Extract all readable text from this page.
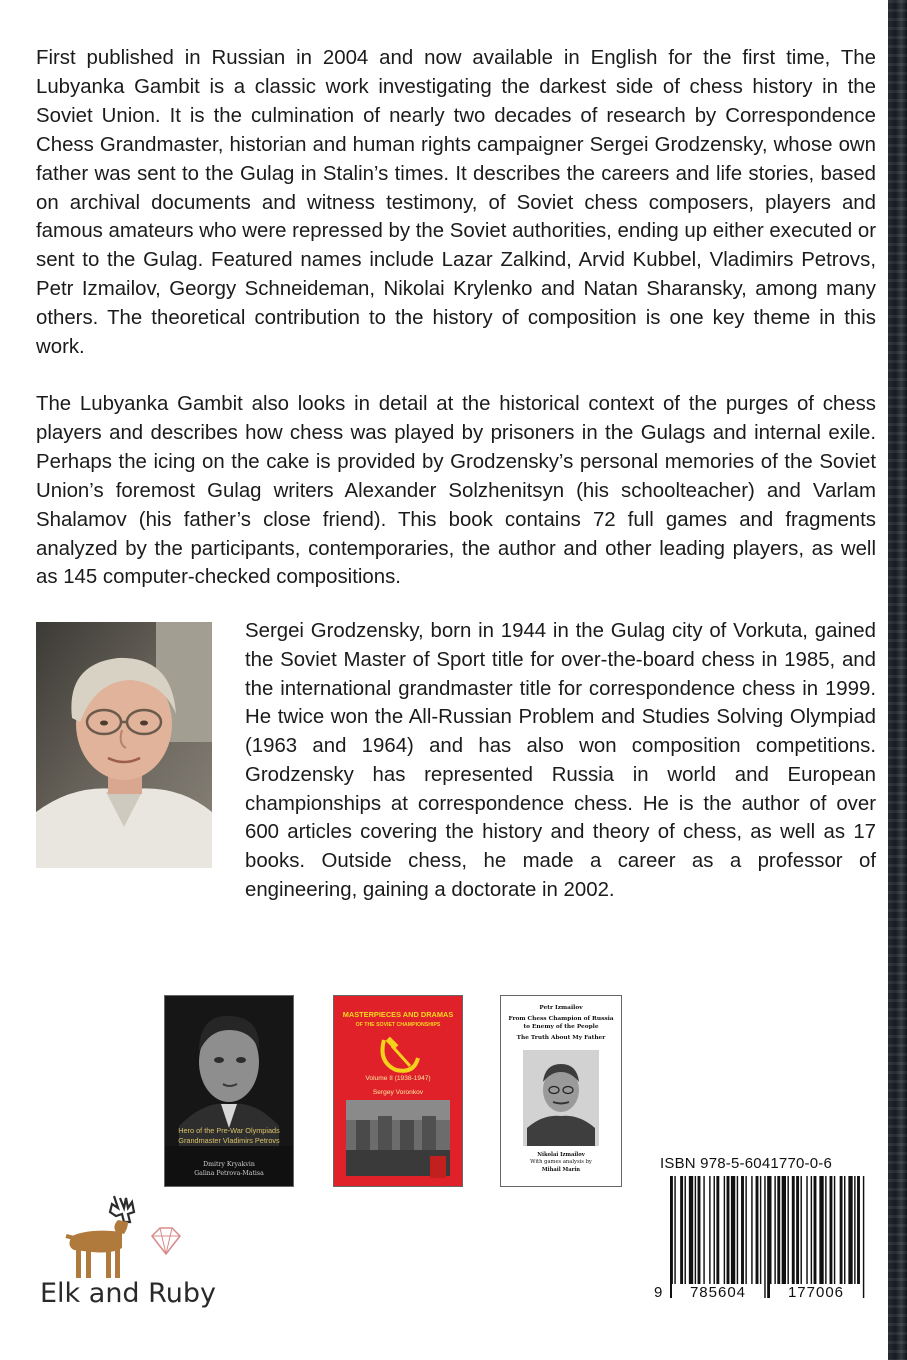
First published in Russian in 2004 and now available in English for the first time, The Lubyanka Gambit is a classic work investigating the darkest side of chess history in the Soviet Union. It is the culmination of nearly two decades of research by Correspondence Chess Grandmaster, historian and human rights campaigner Sergei Grodzensky, whose own father was sent to the Gulag in Stalin’s times. It describes the careers and life stories, based on archival documents and witness testimony, of Soviet chess composers, players and famous amateurs who were repressed by the Soviet authorities, ending up either executed or sent to the Gulag. Featured names include Lazar Zalkind, Arvid Kubbel, Vladimirs Petrovs, Petr Izmailov, Georgy Schneideman, Nikolai Krylenko and Natan Sharansky, among many others. The theoretical contribution to the history of composition is one key theme in this work.

The Lubyanka Gambit also looks in detail at the historical context of the purges of chess players and describes how chess was played by prisoners in the Gulags and internal exile. Perhaps the icing on the cake is provided by Grodzensky’s personal memories of the Soviet Union’s foremost Gulag writers Alexander Solzhenitsyn (his schoolteacher) and Varlam Shalamov (his father’s close friend). This book contains 72 full games and fragments analyzed by the participants, contemporaries, the author and other leading players, as well as 145 computer-checked compositions.

Sergei Grodzensky, born in 1944 in the Gulag city of Vorkuta, gained the Soviet Master of Sport title for over-the-board chess in 1985, and the international grandmaster title for correspondence chess in 1999. He twice won the All-Russian Problem and Studies Solving Olympiad (1963 and 1964) and has also won composition competitions. Grodzensky has represented Russia in world and European championships at correspondence chess. He is the author of over 600 articles covering the history and theory of chess, as well as 17 books. Outside chess, he made a career as a professor of engineering, gaining a doctorate in 2002.

Hero of the Pre-War Olympiads
Grandmaster Vladimirs Petrovs
Dmitry Kryakvin
Galina Petrova-Matisa
MASTERPIECES AND DRAMAS
OF THE SOVIET CHAMPIONSHIPS
Volume II (1938-1947)
Sergey Voronkov
Petr Izmailov
From Chess Champion of Russia
to Enemy of the People
The Truth About My Father
Nikolai Izmailov
With games analysis by
Mihail Marin	ISBN 978-5-6041770-0-6
9	785604	177006
Elk and Ruby
